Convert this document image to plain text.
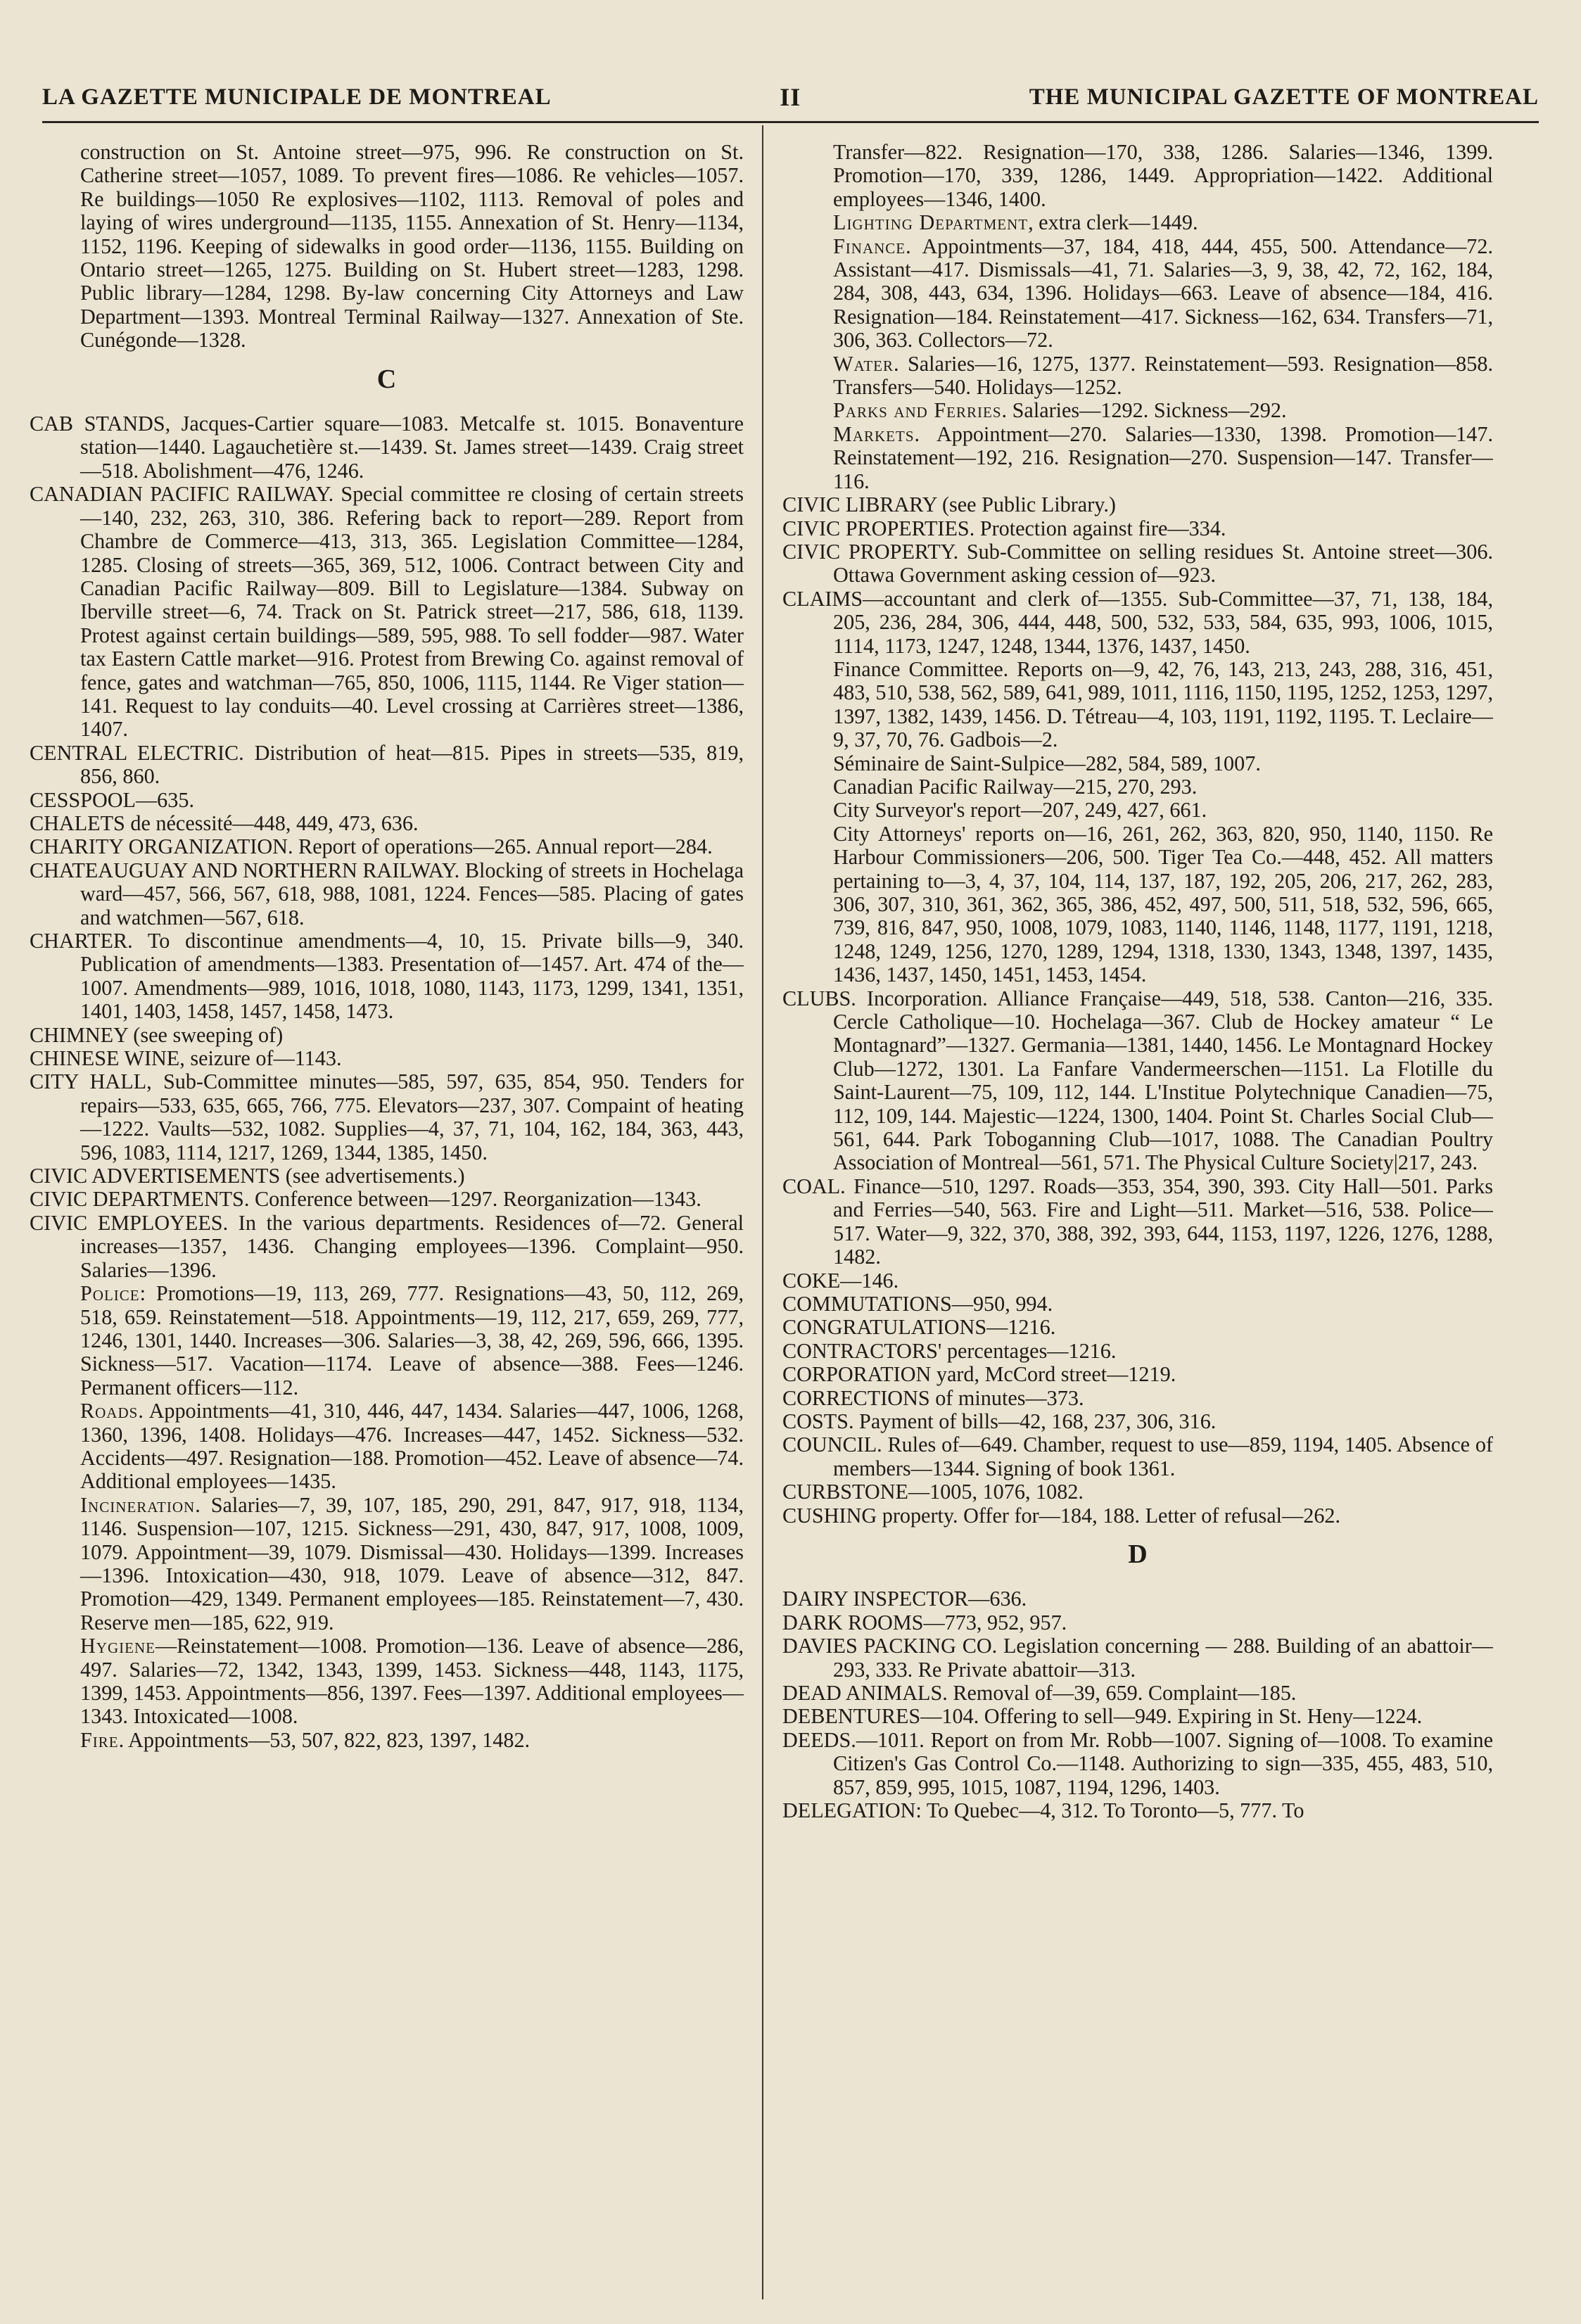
LA GAZETTE MUNICIPALE DE MONTREAL	II	THE MUNICIPAL GAZETTE OF MONTREAL

construction on St. Antoine street—975, 996. Re construction on St. Catherine street—1057, 1089. To prevent fires—1086. Re vehicles—1057. Re buildings—1050 Re explosives—1102, 1113. Removal of poles and laying of wires underground—1135, 1155. Annexation of St. Henry—1134, 1152, 1196. Keeping of sidewalks in good order—1136, 1155. Building on Ontario street—1265, 1275. Building on St. Hubert street—1283, 1298. Public library—1284, 1298. By-law concerning City Attorneys and Law Department—1393. Montreal Terminal Railway—1327. Annexation of Ste. Cunégonde—1328.

C

CAB STANDS, Jacques-Cartier square—1083. Metcalfe st. 1015. Bonaventure station—1440. Lagauchetière st.—1439. St. James street—1439. Craig street—518. Abolishment—476, 1246.

CANADIAN PACIFIC RAILWAY. Special committee re closing of certain streets—140, 232, 263, 310, 386. Refering back to report—289. Report from Chambre de Commerce—413, 313, 365. Legislation Committee—1284, 1285. Closing of streets—365, 369, 512, 1006. Contract between City and Canadian Pacific Railway—809. Bill to Legislature—1384. Subway on Iberville street—6, 74. Track on St. Patrick street—217, 586, 618, 1139. Protest against certain buildings—589, 595, 988. To sell fodder—987. Water tax Eastern Cattle market—916. Protest from Brewing Co. against removal of fence, gates and watchman—765, 850, 1006, 1115, 1144. Re Viger station—141. Request to lay conduits—40. Level crossing at Carrières street—1386, 1407.

CENTRAL ELECTRIC. Distribution of heat—815. Pipes in streets—535, 819, 856, 860.

CESSPOOL—635.

CHALETS de nécessité—448, 449, 473, 636.

CHARITY ORGANIZATION. Report of operations—265. Annual report—284.

CHATEAUGUAY AND NORTHERN RAILWAY. Blocking of streets in Hochelaga ward—457, 566, 567, 618, 988, 1081, 1224. Fences—585. Placing of gates and watchmen—567, 618.

CHARTER. To discontinue amendments—4, 10, 15. Private bills—9, 340. Publication of amendments—1383. Presentation of—1457. Art. 474 of the—1007. Amendments—989, 1016, 1018, 1080, 1143, 1173, 1299, 1341, 1351, 1401, 1403, 1458, 1457, 1458, 1473.

CHIMNEY (see sweeping of)

CHINESE WINE, seizure of—1143.

CITY HALL, Sub-Committee minutes—585, 597, 635, 854, 950. Tenders for repairs—533, 635, 665, 766, 775. Elevators—237, 307. Compaint of heating—1222. Vaults—532, 1082. Supplies—4, 37, 71, 104, 162, 184, 363, 443, 596, 1083, 1114, 1217, 1269, 1344, 1385, 1450.

CIVIC ADVERTISEMENTS (see advertisements.)

CIVIC DEPARTMENTS. Conference between—1297. Reorganization—1343.

CIVIC EMPLOYEES. In the various departments. Residences of—72. General increases—1357, 1436. Changing employees—1396. Complaint—950. Salaries—1396.

Police: Promotions—19, 113, 269, 777. Resignations—43, 50, 112, 269, 518, 659. Reinstatement—518. Appointments—19, 112, 217, 659, 269, 777, 1246, 1301, 1440. Increases—306. Salaries—3, 38, 42, 269, 596, 666, 1395. Sickness—517. Vacation—1174. Leave of absence—388. Fees—1246. Permanent officers—112.

Roads. Appointments—41, 310, 446, 447, 1434. Salaries—447, 1006, 1268, 1360, 1396, 1408. Holidays—476. Increases—447, 1452. Sickness—532. Accidents—497. Resignation—188. Promotion—452. Leave of absence—74. Additional employees—1435.

Incineration. Salaries—7, 39, 107, 185, 290, 291, 847, 917, 918, 1134, 1146. Suspension—107, 1215. Sickness—291, 430, 847, 917, 1008, 1009, 1079. Appointment—39, 1079. Dismissal—430. Holidays—1399. Increases—1396. Intoxication—430, 918, 1079. Leave of absence—312, 847. Promotion—429, 1349. Permanent employees—185. Reinstatement—7, 430. Reserve men—185, 622, 919.

Hygiene—Reinstatement—1008. Promotion—136. Leave of absence—286, 497. Salaries—72, 1342, 1343, 1399, 1453. Sickness—448, 1143, 1175, 1399, 1453. Appointments—856, 1397. Fees—1397. Additional employees—1343. Intoxicated—1008.

Fire. Appointments—53, 507, 822, 823, 1397, 1482.

Transfer—822. Resignation—170, 338, 1286. Salaries—1346, 1399. Promotion—170, 339, 1286, 1449. Appropriation—1422. Additional employees—1346, 1400.

Lighting Department, extra clerk—1449.

Finance. Appointments—37, 184, 418, 444, 455, 500. Attendance—72. Assistant—417. Dismissals—41, 71. Salaries—3, 9, 38, 42, 72, 162, 184, 284, 308, 443, 634, 1396. Holidays—663. Leave of absence—184, 416. Resignation—184. Reinstatement—417. Sickness—162, 634. Transfers—71, 306, 363. Collectors—72.

Water. Salaries—16, 1275, 1377. Reinstatement—593. Resignation—858. Transfers—540. Holidays—1252.

Parks and Ferries. Salaries—1292. Sickness—292.

Markets. Appointment—270. Salaries—1330, 1398. Promotion—147. Reinstatement—192, 216. Resignation—270. Suspension—147. Transfer—116.

CIVIC LIBRARY (see Public Library.)

CIVIC PROPERTIES. Protection against fire—334.

CIVIC PROPERTY. Sub-Committee on selling residues St. Antoine street—306. Ottawa Government asking cession of—923.

CLAIMS—accountant and clerk of—1355. Sub-Committee—37, 71, 138, 184, 205, 236, 284, 306, 444, 448, 500, 532, 533, 584, 635, 993, 1006, 1015, 1114, 1173, 1247, 1248, 1344, 1376, 1437, 1450.

Finance Committee. Reports on—9, 42, 76, 143, 213, 243, 288, 316, 451, 483, 510, 538, 562, 589, 641, 989, 1011, 1116, 1150, 1195, 1252, 1253, 1297, 1397, 1382, 1439, 1456. D. Tétreau—4, 103, 1191, 1192, 1195. T. Leclaire—9, 37, 70, 76. Gadbois—2.

Séminaire de Saint-Sulpice—282, 584, 589, 1007.

Canadian Pacific Railway—215, 270, 293.

City Surveyor's report—207, 249, 427, 661.

City Attorneys' reports on—16, 261, 262, 363, 820, 950, 1140, 1150. Re Harbour Commissioners—206, 500. Tiger Tea Co.—448, 452. All matters pertaining to—3, 4, 37, 104, 114, 137, 187, 192, 205, 206, 217, 262, 283, 306, 307, 310, 361, 362, 365, 386, 452, 497, 500, 511, 518, 532, 596, 665, 739, 816, 847, 950, 1008, 1079, 1083, 1140, 1146, 1148, 1177, 1191, 1218, 1248, 1249, 1256, 1270, 1289, 1294, 1318, 1330, 1343, 1348, 1397, 1435, 1436, 1437, 1450, 1451, 1453, 1454.

CLUBS. Incorporation. Alliance Française—449, 518, 538. Canton—216, 335. Cercle Catholique—10. Hochelaga—367. Club de Hockey amateur “ Le Montagnard”—1327. Germania—1381, 1440, 1456. Le Montagnard Hockey Club—1272, 1301. La Fanfare Vandermeerschen—1151. La Flotille du Saint-Laurent—75, 109, 112, 144. L'Institue Polytechnique Canadien—75, 112, 109, 144. Majestic—1224, 1300, 1404. Point St. Charles Social Club—561, 644. Park Toboganning Club—1017, 1088. The Canadian Poultry Association of Montreal—561, 571. The Physical Culture Society|217, 243.

COAL. Finance—510, 1297. Roads—353, 354, 390, 393. City Hall—501. Parks and Ferries—540, 563. Fire and Light—511. Market—516, 538. Police—517. Water—9, 322, 370, 388, 392, 393, 644, 1153, 1197, 1226, 1276, 1288, 1482.

COKE—146.

COMMUTATIONS—950, 994.

CONGRATULATIONS—1216.

CONTRACTORS' percentages—1216.

CORPORATION yard, McCord street—1219.

CORRECTIONS of minutes—373.

COSTS. Payment of bills—42, 168, 237, 306, 316.

COUNCIL. Rules of—649. Chamber, request to use—859, 1194, 1405. Absence of members—1344. Signing of book 1361.

CURBSTONE—1005, 1076, 1082.

CUSHING property. Offer for—184, 188. Letter of refusal—262.

D

DAIRY INSPECTOR—636.

DARK ROOMS—773, 952, 957.

DAVIES PACKING CO. Legislation concerning — 288. Building of an abattoir—293, 333. Re Private abattoir—313.

DEAD ANIMALS. Removal of—39, 659. Complaint—185.

DEBENTURES—104. Offering to sell—949. Expiring in St. Heny—1224.

DEEDS.—1011. Report on from Mr. Robb—1007. Signing of—1008. To examine Citizen's Gas Control Co.—1148. Authorizing to sign—335, 455, 483, 510, 857, 859, 995, 1015, 1087, 1194, 1296, 1403.

DELEGATION: To Quebec—4, 312. To Toronto—5, 777. To
